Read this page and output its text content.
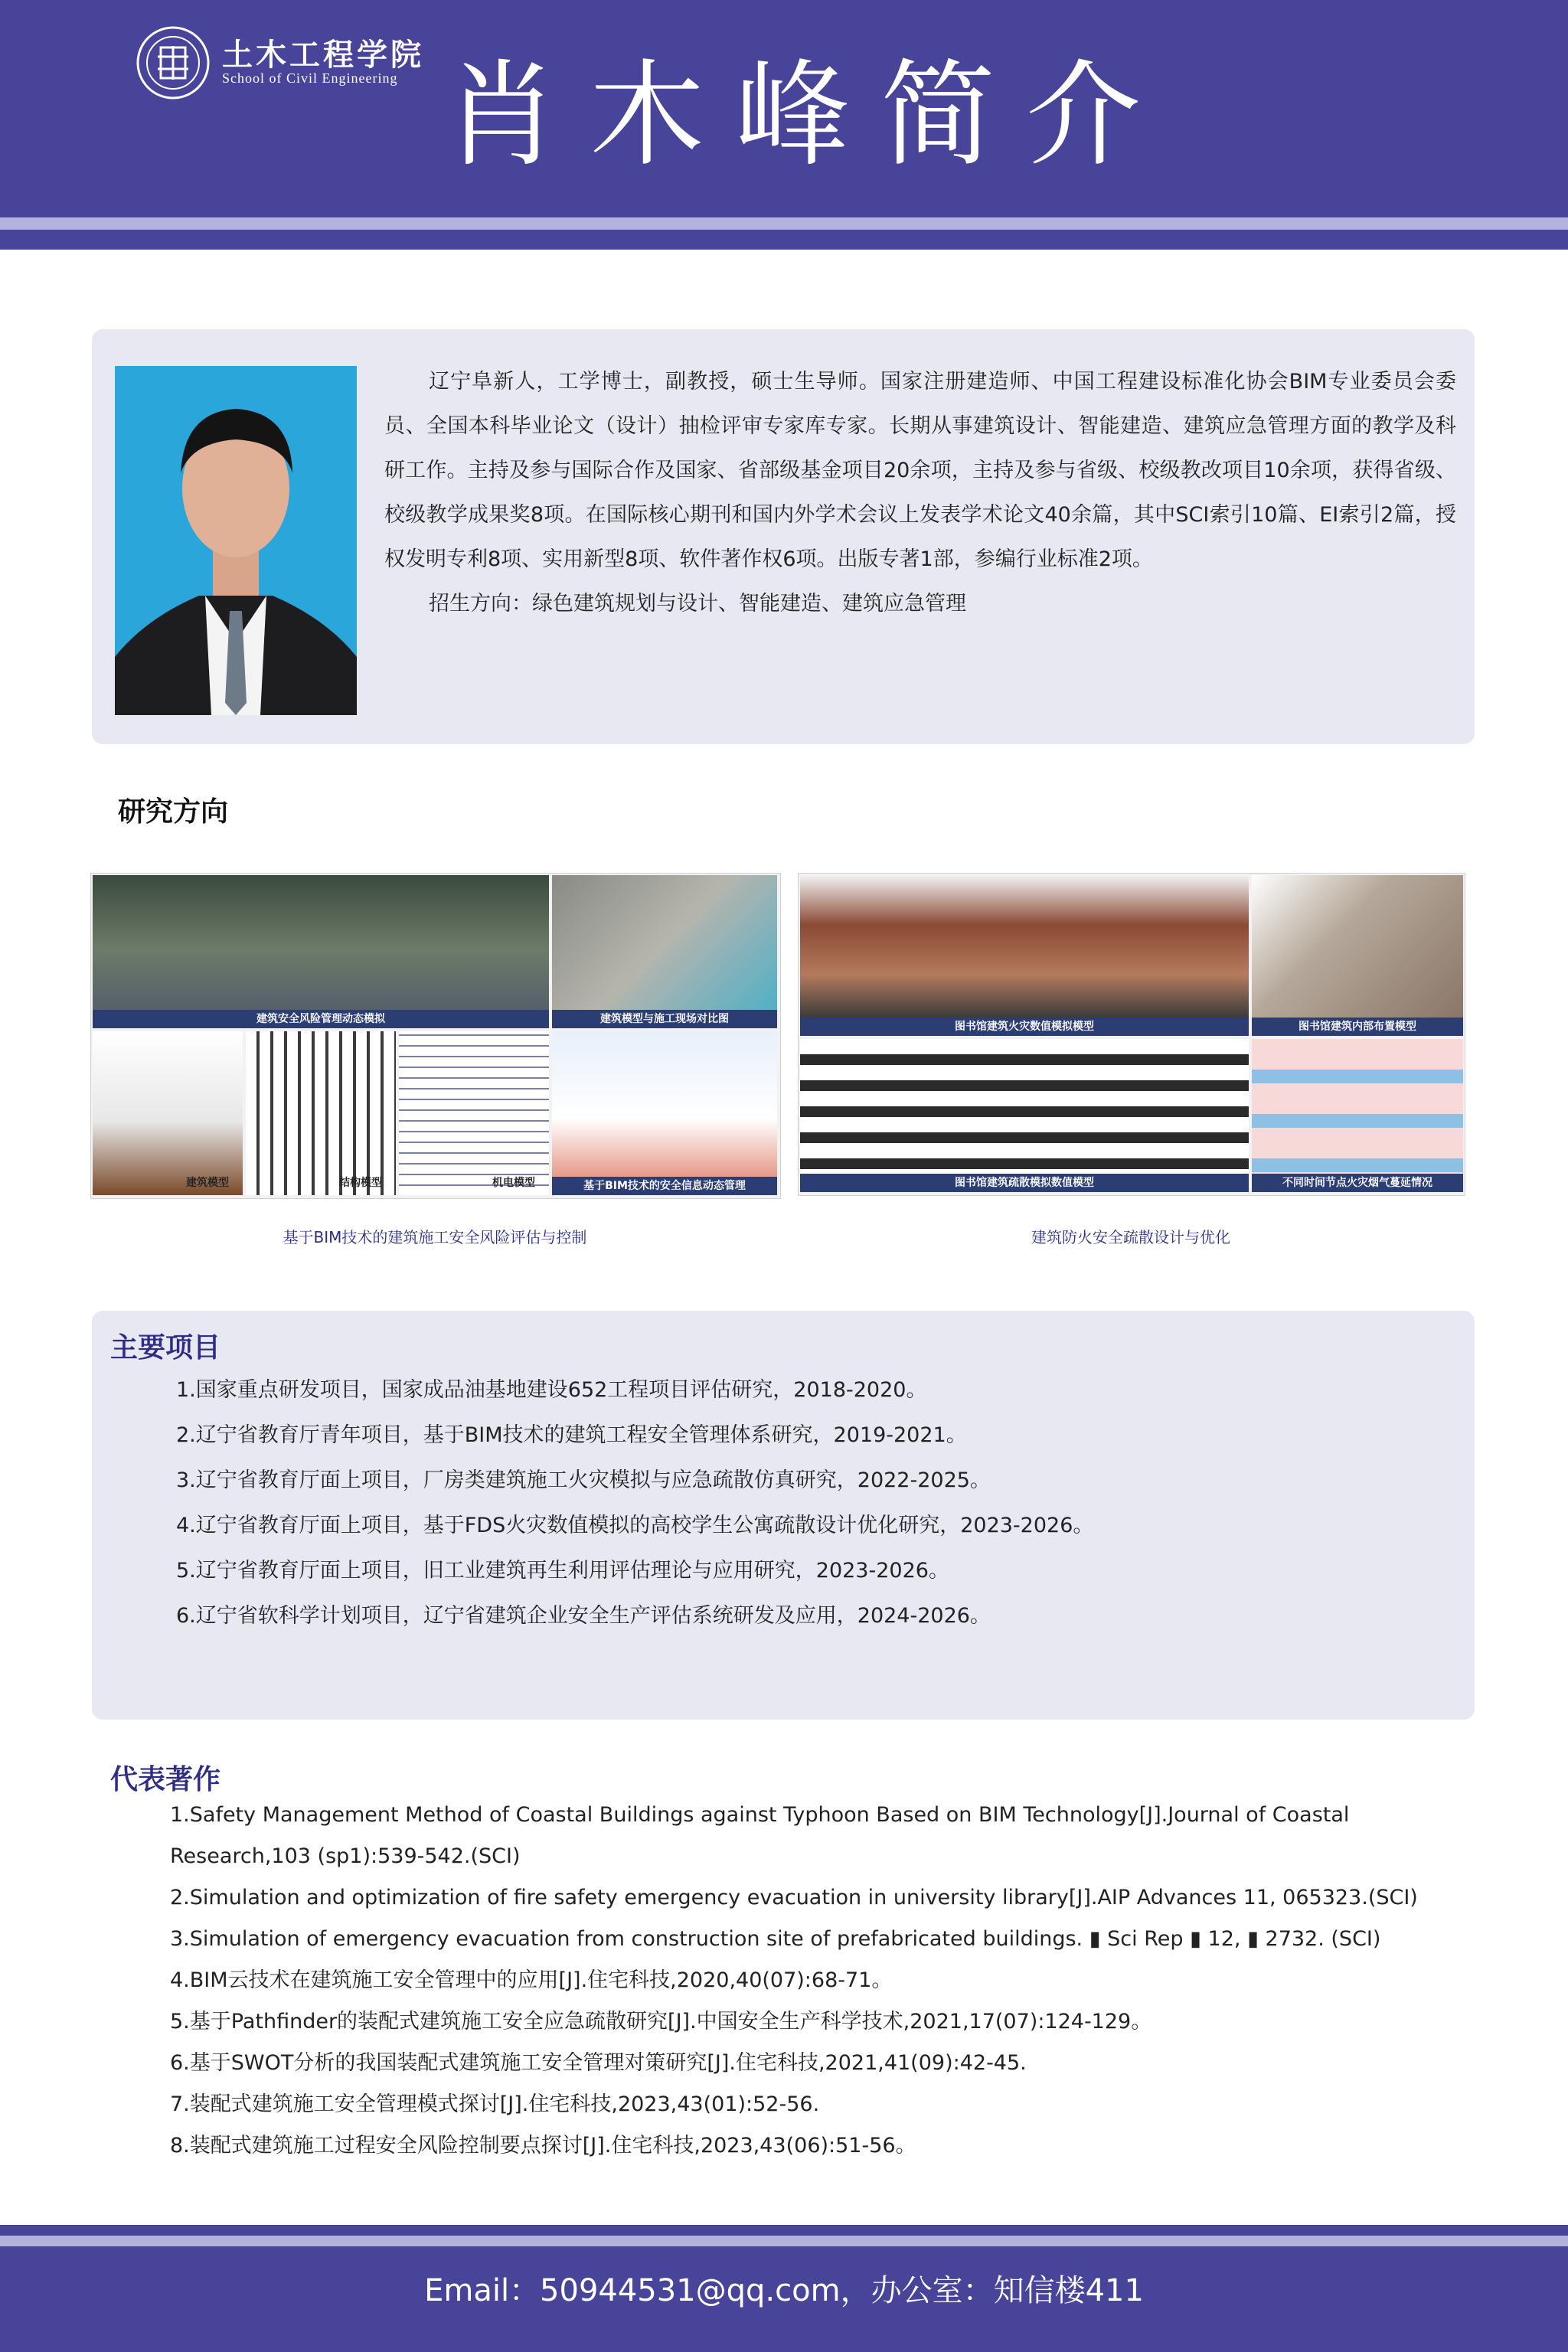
土木工程学院
School of Civil Engineering 肖木峰简介

辽宁阜新人，工学博士，副教授，硕士生导师。国家注册建造师、中国工程建设标准化协会BIM专业委员会委员、全国本科毕业论文（设计）抽检评审专家库专家。长期从事建筑设计、智能建造、建筑应急管理方面的教学及科研工作。主持及参与国际合作及国家、省部级基金项目20余项，主持及参与省级、校级教改项目10余项，获得省级、校级教学成果奖8项。在国际核心期刊和国内外学术会议上发表学术论文40余篇，其中SCI索引10篇、EI索引2篇，授权发明专利8项、实用新型8项、软件著作权6项。出版专著1部，参编行业标准2项。

招生方向：绿色建筑规划与设计、智能建造、建筑应急管理

研究方向
建筑安全风险管理动态模拟	建筑模型与施工现场对比图
建筑模型	结构模型	机电模型	基于BIM技术的安全信息动态管理
基于BIM技术的建筑施工安全风险评估与控制
图书馆建筑火灾数值模拟模型	图书馆建筑内部布置模型
图书馆建筑疏散模拟数值模型	不同时间节点火灾烟气蔓延情况
建筑防火安全疏散设计与优化
主要项目
1.国家重点研发项目，国家成品油基地建设652工程项目评估研究，2018-2020。
2.辽宁省教育厅青年项目，基于BIM技术的建筑工程安全管理体系研究，2019-2021。
3.辽宁省教育厅面上项目，厂房类建筑施工火灾模拟与应急疏散仿真研究，2022-2025。
4.辽宁省教育厅面上项目，基于FDS火灾数值模拟的高校学生公寓疏散设计优化研究，2023-2026。
5.辽宁省教育厅面上项目，旧工业建筑再生利用评估理论与应用研究，2023-2026。
6.辽宁省软科学计划项目，辽宁省建筑企业安全生产评估系统研发及应用，2024-2026。
代表著作
1.Safety Management Method of Coastal Buildings against Typhoon Based on BIM Technology[J].Journal of Coastal Research,103 (sp1):539-542.(SCI)
2.Simulation and optimization of fire safety emergency evacuation in university library[J].AIP Advances 11, 065323.(SCI)
3.Simulation of emergency evacuation from construction site of prefabricated buildings. ▮ Sci Rep ▮ 12, ▮ 2732. (SCI)
4.BIM云技术在建筑施工安全管理中的应用[J].住宅科技,2020,40(07):68-71。
5.基于Pathfinder的装配式建筑施工安全应急疏散研究[J].中国安全生产科学技术,2021,17(07):124-129。
6.基于SWOT分析的我国装配式建筑施工安全管理对策研究[J].住宅科技,2021,41(09):42-45.
7.装配式建筑施工安全管理模式探讨[J].住宅科技,2023,43(01):52-56.
8.装配式建筑施工过程安全风险控制要点探讨[J].住宅科技,2023,43(06):51-56。
Email：50944531@qq.com，办公室：知信楼411
